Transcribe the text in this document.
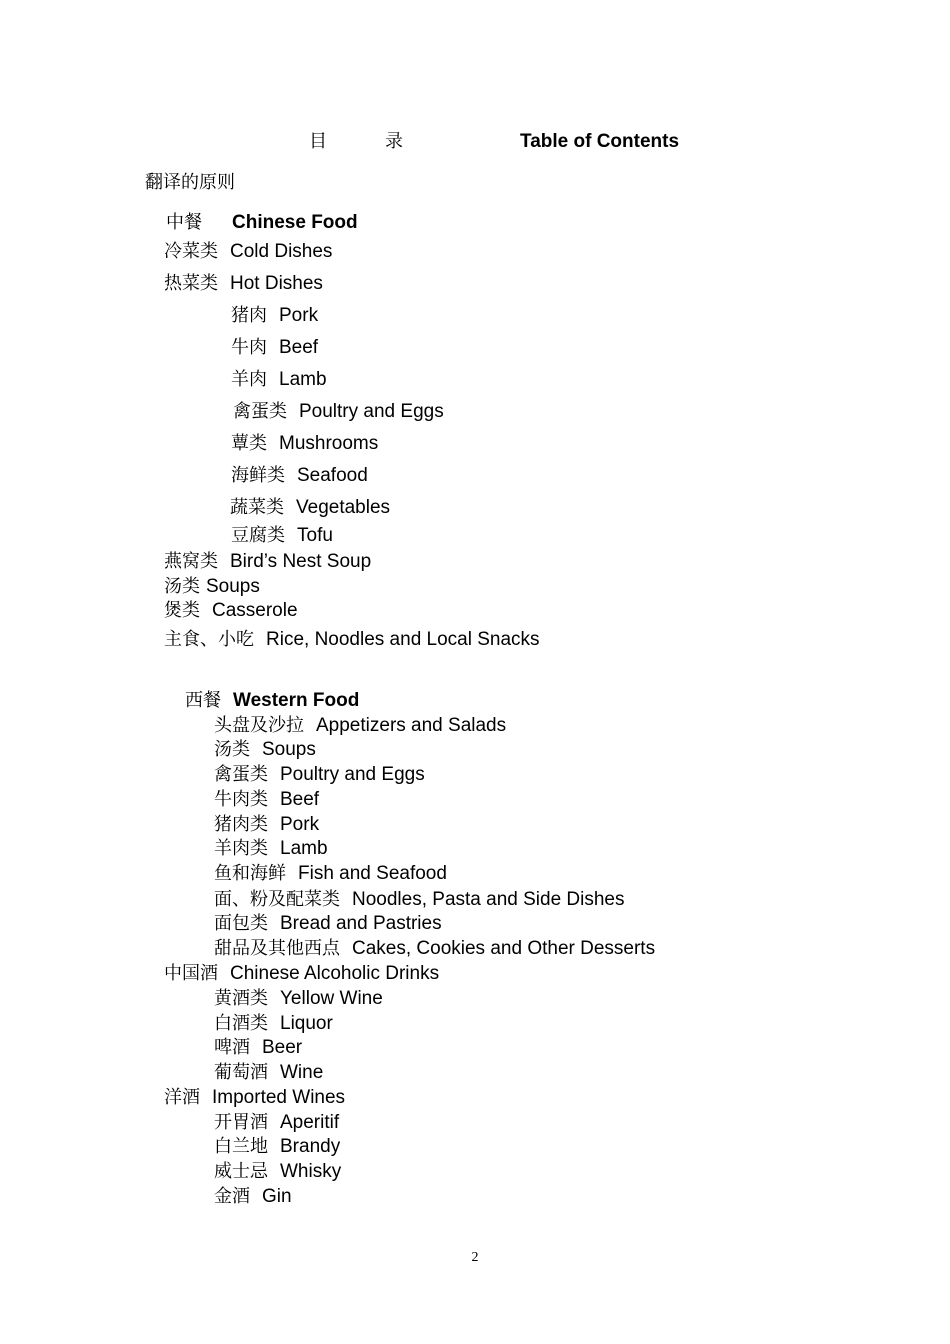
目	录	Table of Contents
翻译的原则
中餐 Chinese Food
冷菜类 Cold Dishes
热菜类 Hot Dishes
猪肉 Pork
牛肉 Beef
羊肉 Lamb
禽蛋类 Poultry and Eggs
蕈类 Mushrooms
海鲜类 Seafood
蔬菜类 Vegetables
豆腐类 Tofu
燕窝类 Bird’s Nest Soup
汤类 Soups
煲类 Casserole
主食、小吃 Rice, Noodles and Local Snacks
西餐 Western Food
头盘及沙拉 Appetizers and Salads
汤类 Soups
禽蛋类 Poultry and Eggs
牛肉类 Beef
猪肉类 Pork
羊肉类 Lamb
鱼和海鲜 Fish and Seafood
面、粉及配菜类 Noodles, Pasta and Side Dishes
面包类 Bread and Pastries
甜品及其他西点 Cakes, Cookies and Other Desserts
中国酒 Chinese Alcoholic Drinks
黄酒类 Yellow Wine
白酒类 Liquor
啤酒 Beer
葡萄酒 Wine
洋酒 Imported Wines
开胃酒 Aperitif
白兰地 Brandy
威士忌 Whisky
金酒 Gin
2
